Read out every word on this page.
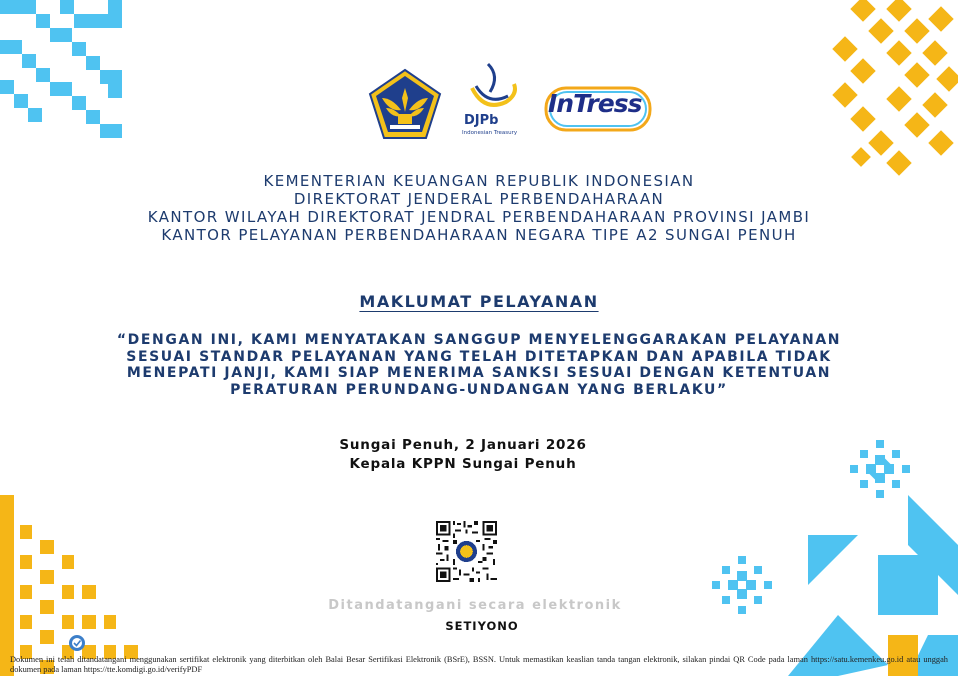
DJPb
Indonesian Treasury
InTress
KEMENTERIAN KEUANGAN REPUBLIK INDONESIAN
DIREKTORAT JENDERAL PERBENDAHARAAN
KANTOR WILAYAH DIREKTORAT JENDRAL PERBENDAHARAAN PROVINSI JAMBI
KANTOR PELAYANAN PERBENDAHARAAN NEGARA TIPE A2 SUNGAI PENUH
MAKLUMAT PELAYANAN
“DENGAN INI, KAMI MENYATAKAN SANGGUP MENYELENGGARAKAN PELAYANAN
SESUAI STANDAR PELAYANAN YANG TELAH DITETAPKAN DAN APABILA TIDAK
MENEPATI JANJI, KAMI SIAP MENERIMA SANKSI SESUAI DENGAN KETENTUAN
PERATURAN PERUNDANG-UNDANGAN YANG BERLAKU”
Sungai Penuh, 2 Januari 2026
Kepala KPPN Sungai Penuh
Ditandatangani secara elektronik
SETIYONO
Dokumen ini telah ditandatangani menggunakan sertifikat elektronik yang diterbitkan oleh Balai Besar Sertifikasi Elektronik (BSrE), BSSN. Untuk memastikan keaslian tanda tangan elektronik, silakan pindai QR Code pada laman https://satu.kemenkeu.go.id atau unggah dokumen pada laman https://tte.komdigi.go.id/verifyPDF
